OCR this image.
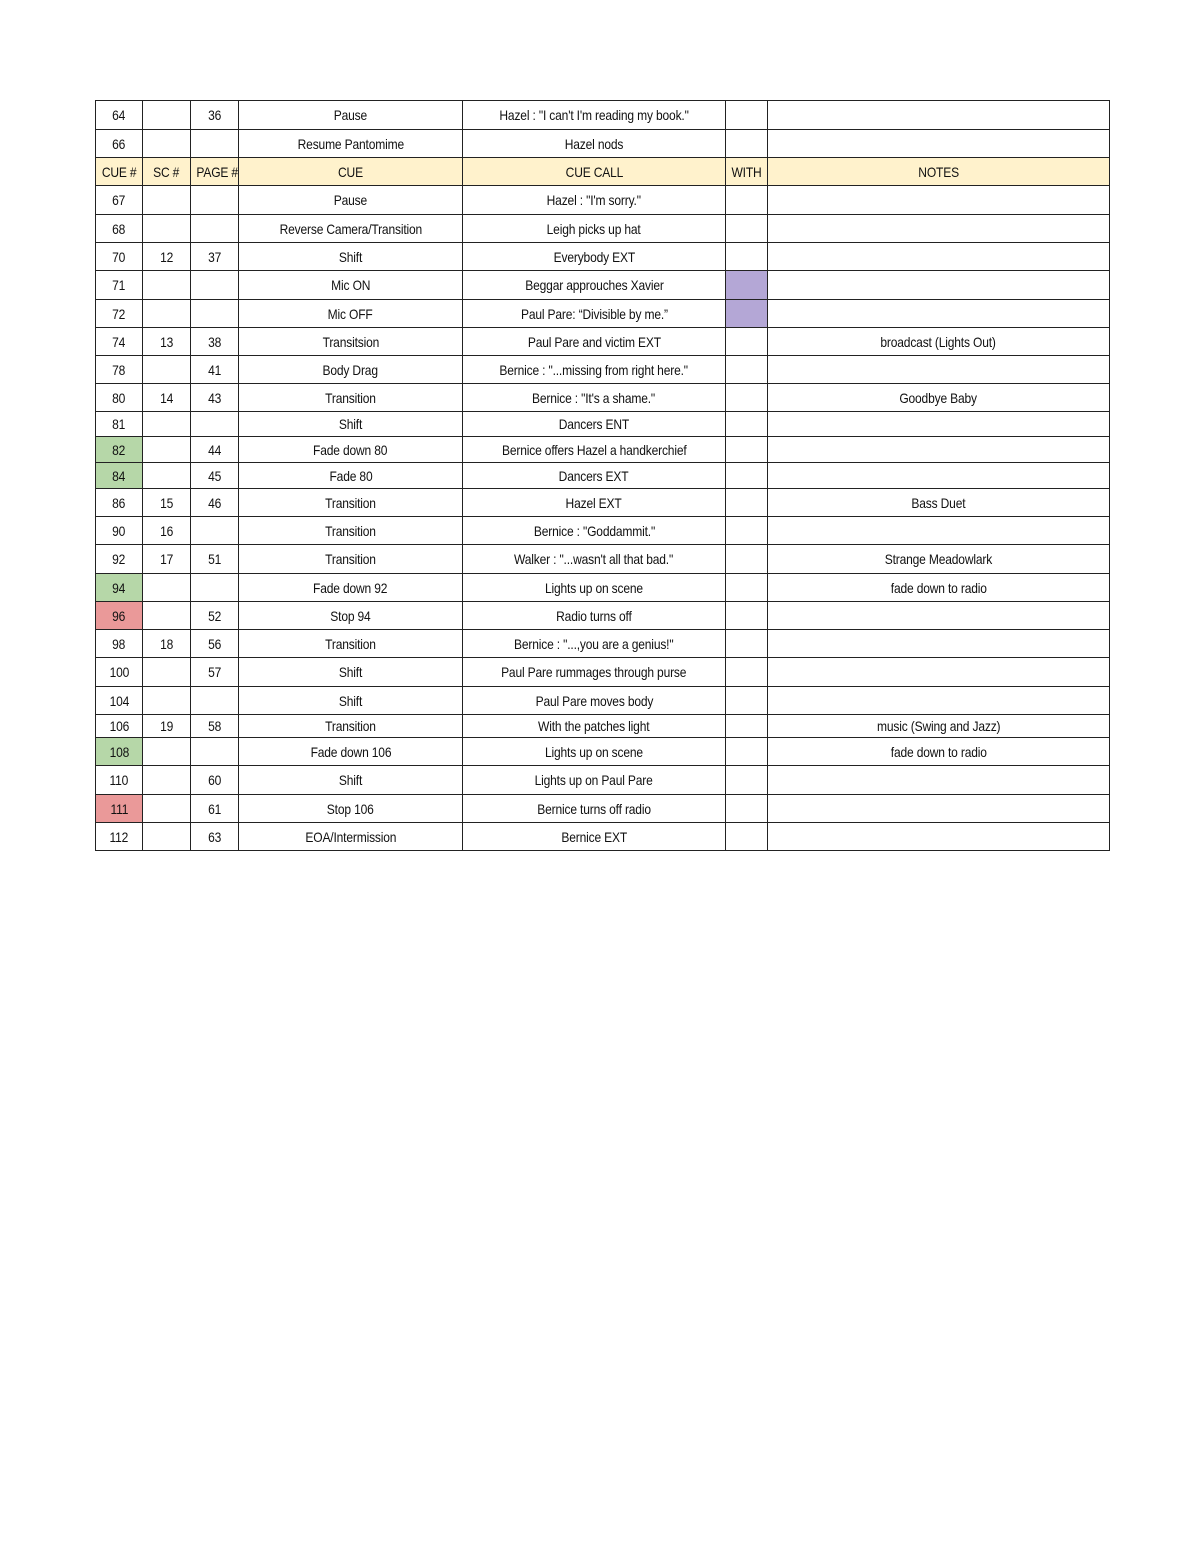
64		36	Pause	Hazel : "I can't I'm reading my book."		
66			Resume Pantomime	Hazel nods		
CUE #	SC #	PAGE #	CUE	CUE CALL	WITH	NOTES
67			Pause	Hazel : "I'm sorry."		
68			Reverse Camera/Transition	Leigh picks up hat		
70	12	37	Shift	Everybody EXT		
71			Mic ON	Beggar approuches Xavier		
72			Mic OFF	Paul Pare: “Divisible by me.”		
74	13	38	Transitsion	Paul Pare and victim EXT		broadcast (Lights Out)
78		41	Body Drag	Bernice : "...missing from right here."		
80	14	43	Transition	Bernice : "It's a shame."		Goodbye Baby
81			Shift	Dancers ENT		
82		44	Fade down 80	Bernice offers Hazel a handkerchief		
84		45	Fade 80	Dancers EXT		
86	15	46	Transition	Hazel EXT		Bass Duet
90	16		Transition	Bernice : "Goddammit."		
92	17	51	Transition	Walker : "...wasn't all that bad."		Strange Meadowlark
94			Fade down 92	Lights up on scene		fade down to radio
96		52	Stop 94	Radio turns off		
98	18	56	Transition	Bernice : "...,you are a genius!"		
100		57	Shift	Paul Pare rummages through purse		
104			Shift	Paul Pare moves body		
106	19	58	Transition	With the patches light		music (Swing and Jazz)
108			Fade down 106	Lights up on scene		fade down to radio
110		60	Shift	Lights up on Paul Pare		
111		61	Stop 106	Bernice turns off radio		
112		63	EOA/Intermission	Bernice EXT		
